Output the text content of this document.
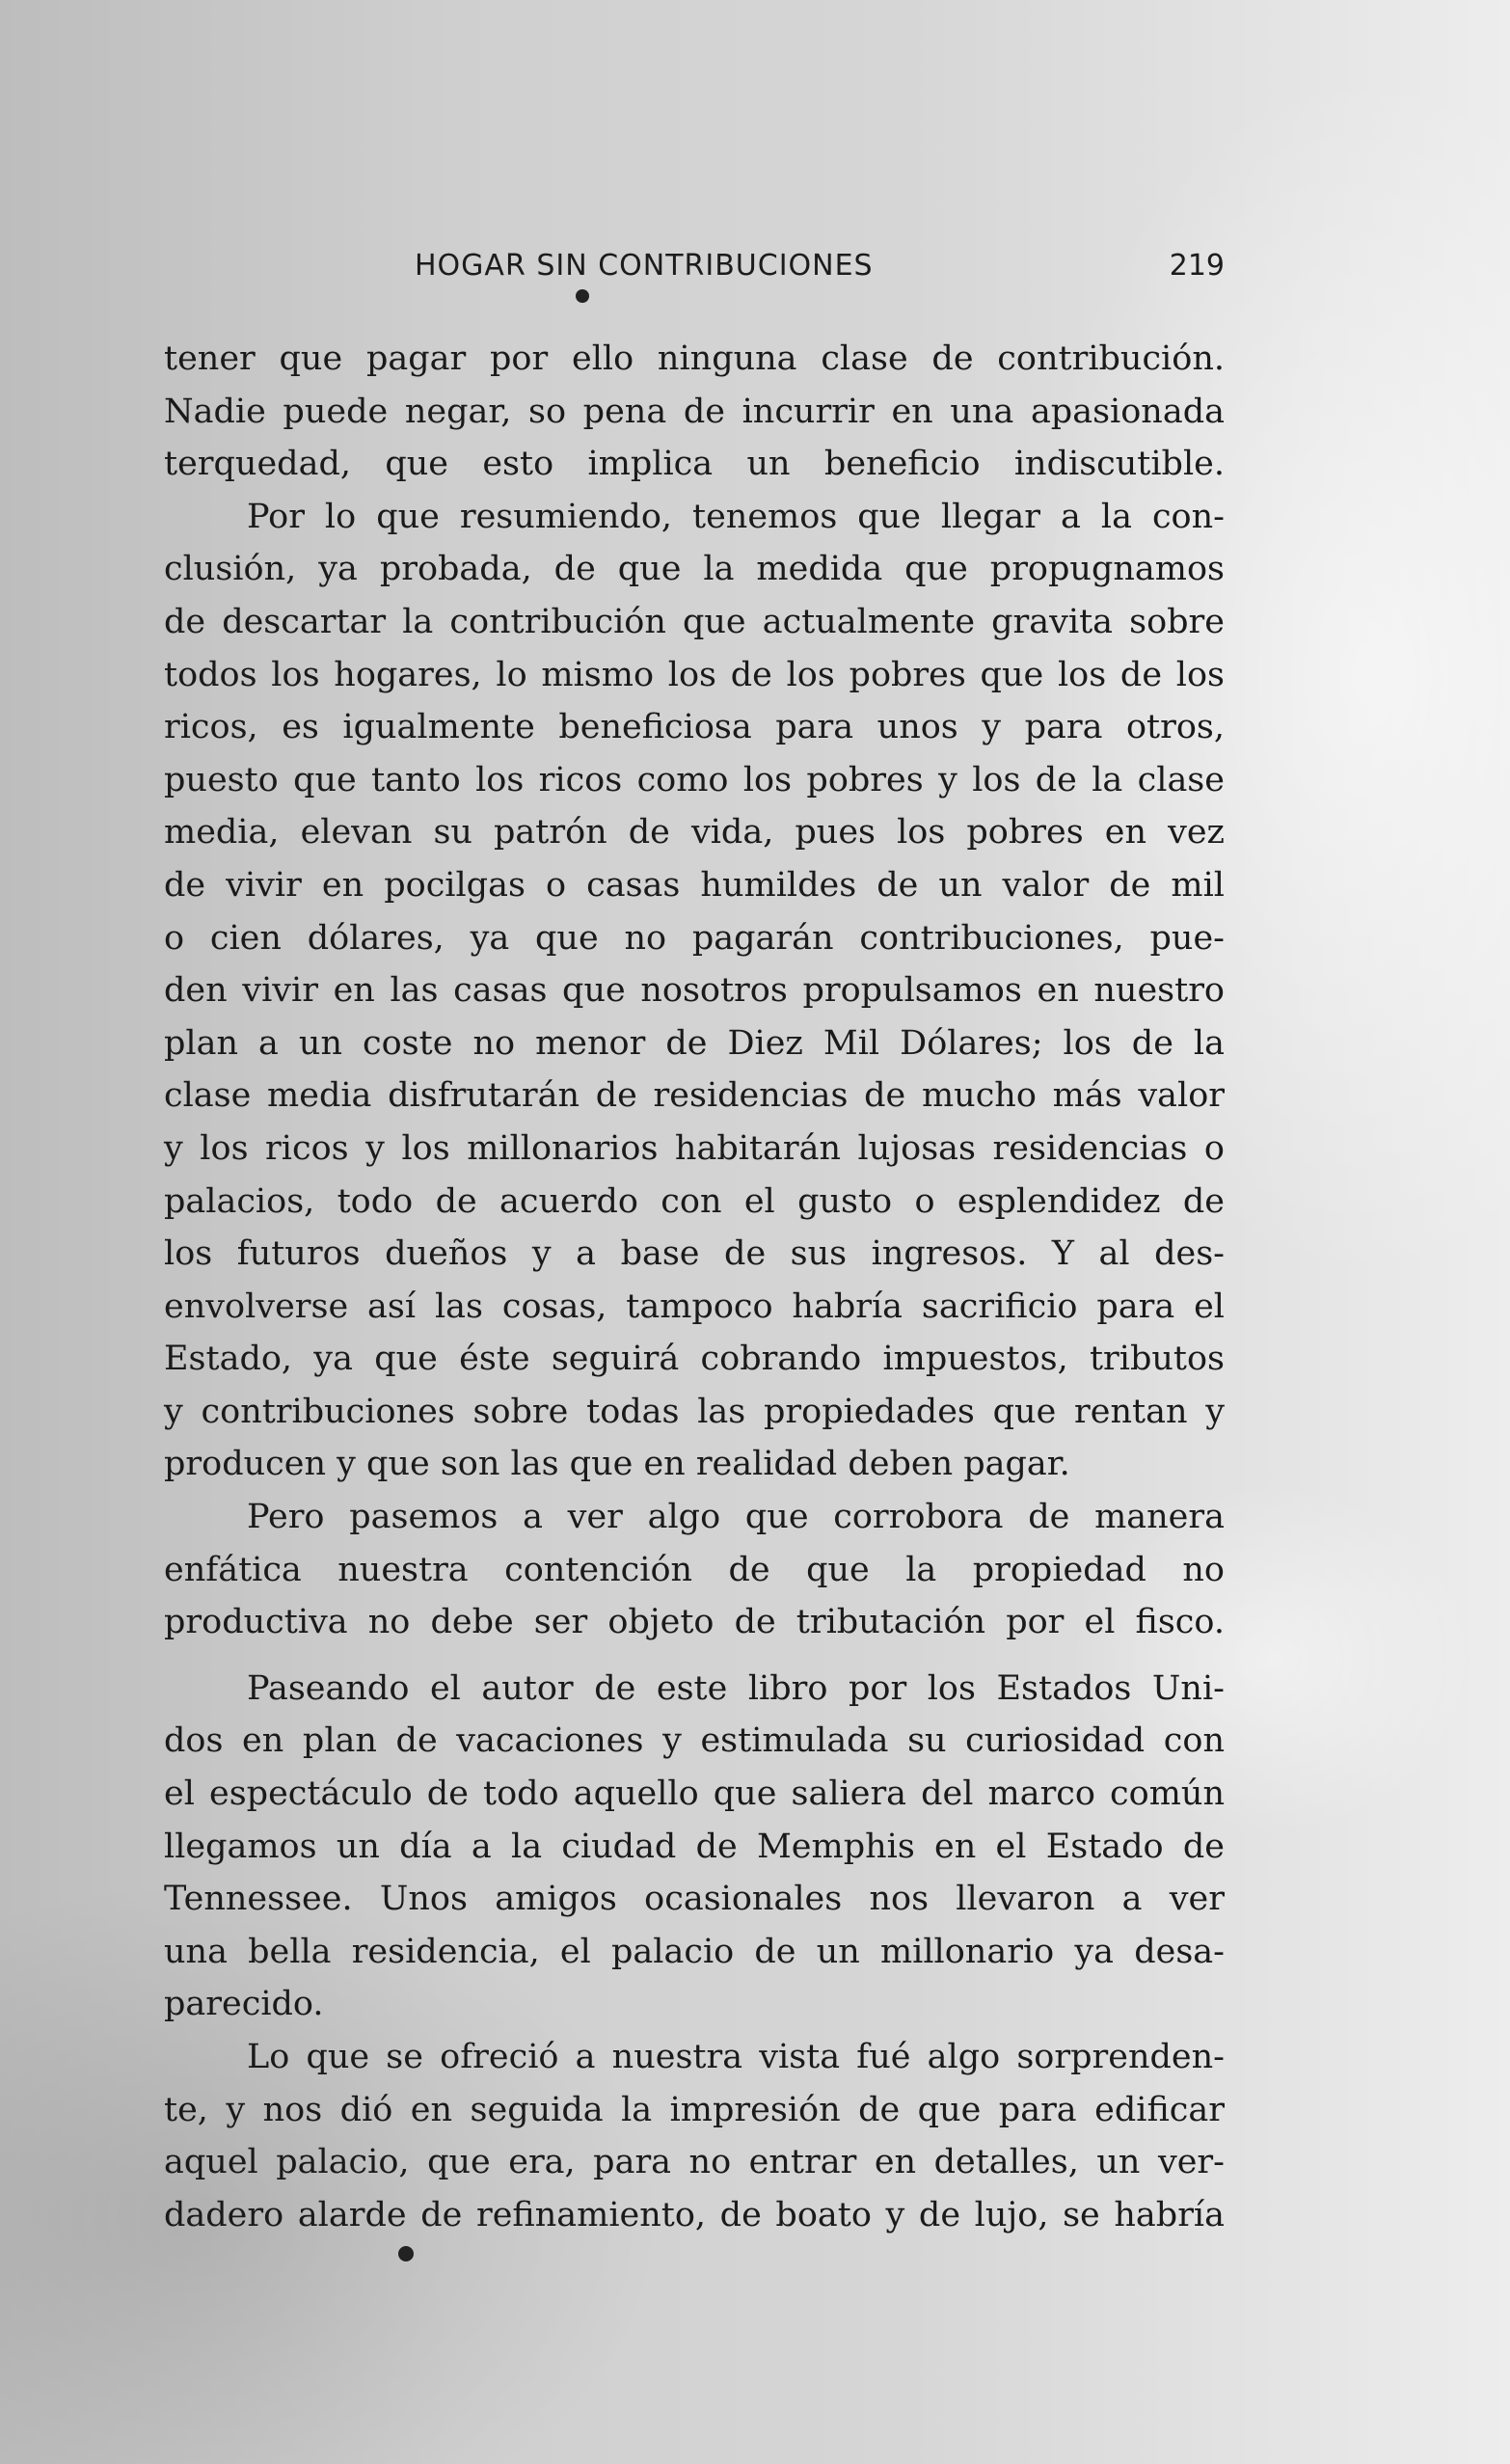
HOGAR SIN CONTRIBUCIONES	219

tener que pagar por ello ninguna clase de contribución.

Nadie puede negar, so pena de incurrir en una apasionada

terquedad, que esto implica un beneficio indiscutible.

Por lo que resumiendo, tenemos que llegar a la con-

clusión, ya probada, de que la medida que propugnamos

de descartar la contribución que actualmente gravita sobre

todos los hogares, lo mismo los de los pobres que los de los

ricos, es igualmente beneficiosa para unos y para otros,

puesto que tanto los ricos como los pobres y los de la clase

media, elevan su patrón de vida, pues los pobres en vez

de vivir en pocilgas o casas humildes de un valor de mil

o cien dólares, ya que no pagarán contribuciones, pue-

den vivir en las casas que nosotros propulsamos en nuestro

plan a un coste no menor de Diez Mil Dólares; los de la

clase media disfrutarán de residencias de mucho más valor

y los ricos y los millonarios habitarán lujosas residencias o

palacios, todo de acuerdo con el gusto o esplendidez de

los futuros dueños y a base de sus ingresos. Y al des-

envolverse así las cosas, tampoco habría sacrificio para el

Estado, ya que éste seguirá cobrando impuestos, tributos

y contribuciones sobre todas las propiedades que rentan y

producen y que son las que en realidad deben pagar.

Pero pasemos a ver algo que corrobora de manera

enfática nuestra contención de que la propiedad no

productiva no debe ser objeto de tributación por el fisco.

Paseando el autor de este libro por los Estados Uni-

dos en plan de vacaciones y estimulada su curiosidad con

el espectáculo de todo aquello que saliera del marco común

llegamos un día a la ciudad de Memphis en el Estado de

Tennessee. Unos amigos ocasionales nos llevaron a ver

una bella residencia, el palacio de un millonario ya desa-

parecido.

Lo que se ofreció a nuestra vista fué algo sorprenden-

te, y nos dió en seguida la impresión de que para edificar

aquel palacio, que era, para no entrar en detalles, un ver-

dadero alarde de refinamiento, de boato y de lujo, se habría
